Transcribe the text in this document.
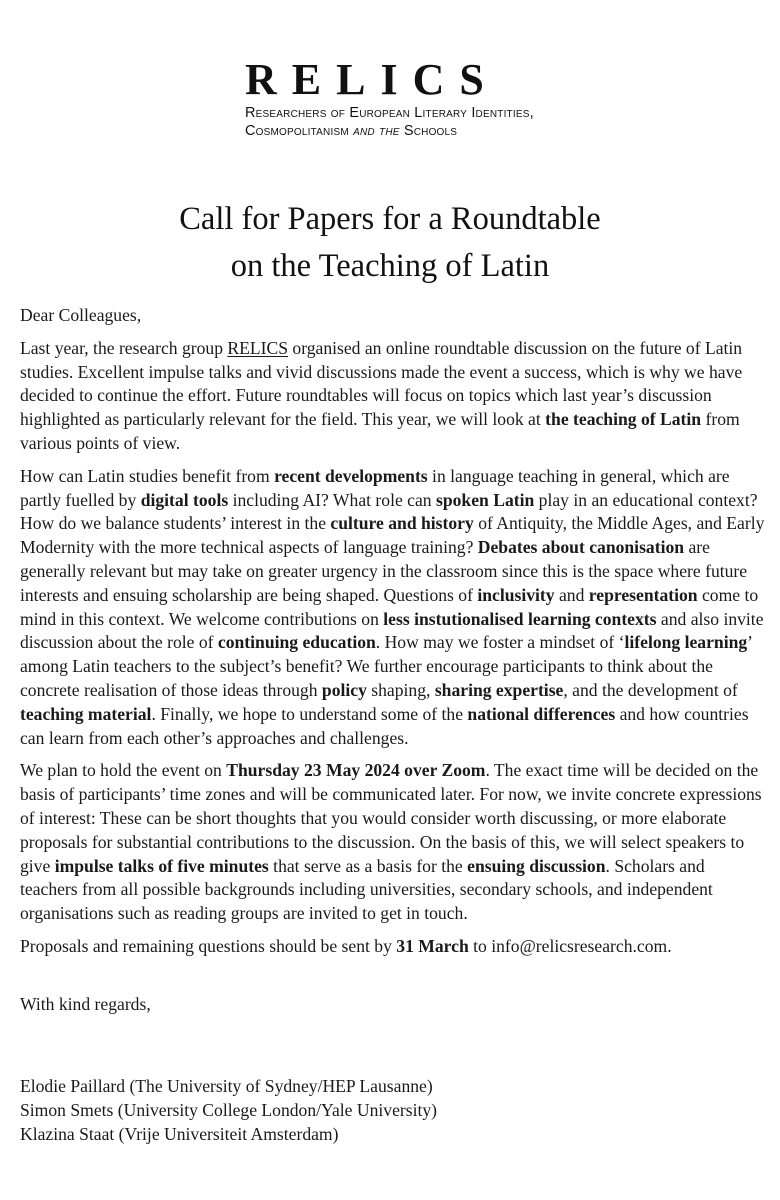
RELICS
Researchers of European Literary Identities,
Cosmopolitanism and the Schools
Call for Papers for a Roundtable
on the Teaching of Latin

Dear Colleagues,

Last year, the research group RELICS organised an online roundtable discussion on the future of Latin studies. Excellent impulse talks and vivid discussions made the event a success, which is why we have decided to continue the effort. Future roundtables will focus on topics which last year’s discussion highlighted as particularly relevant for the field. This year, we will look at the teaching of Latin from various points of view.

How can Latin studies benefit from recent developments in language teaching in general, which are partly fuelled by digital tools including AI? What role can spoken Latin play in an educational context? How do we balance students’ interest in the culture and history of Antiquity, the Middle Ages, and Early Modernity with the more technical aspects of language training? Debates about canonisation are generally relevant but may take on greater urgency in the classroom since this is the space where future interests and ensuing scholarship are being shaped. Questions of inclusivity and representation come to mind in this context. We welcome contributions on less instutionalised learning contexts and also invite discussion about the role of continuing education. How may we foster a mindset of ‘lifelong learning’ among Latin teachers to the subject’s benefit? We further encourage participants to think about the concrete realisation of those ideas through policy shaping, sharing expertise, and the development of teaching material. Finally, we hope to understand some of the national differences and how countries can learn from each other’s approaches and challenges.

We plan to hold the event on Thursday 23 May 2024 over Zoom. The exact time will be decided on the basis of participants’ time zones and will be communicated later. For now, we invite concrete expressions of interest: These can be short thoughts that you would consider worth discussing, or more elaborate proposals for substantial contributions to the discussion. On the basis of this, we will select speakers to give impulse talks of five minutes that serve as a basis for the ensuing discussion. Scholars and teachers from all possible backgrounds including universities, secondary schools, and independent organisations such as reading groups are invited to get in touch.

Proposals and remaining questions should be sent by 31 March to info@relicsresearch.com.

With kind regards,
Elodie Paillard (The University of Sydney/HEP Lausanne)
Simon Smets (University College London/Yale University)
Klazina Staat (Vrije Universiteit Amsterdam)
